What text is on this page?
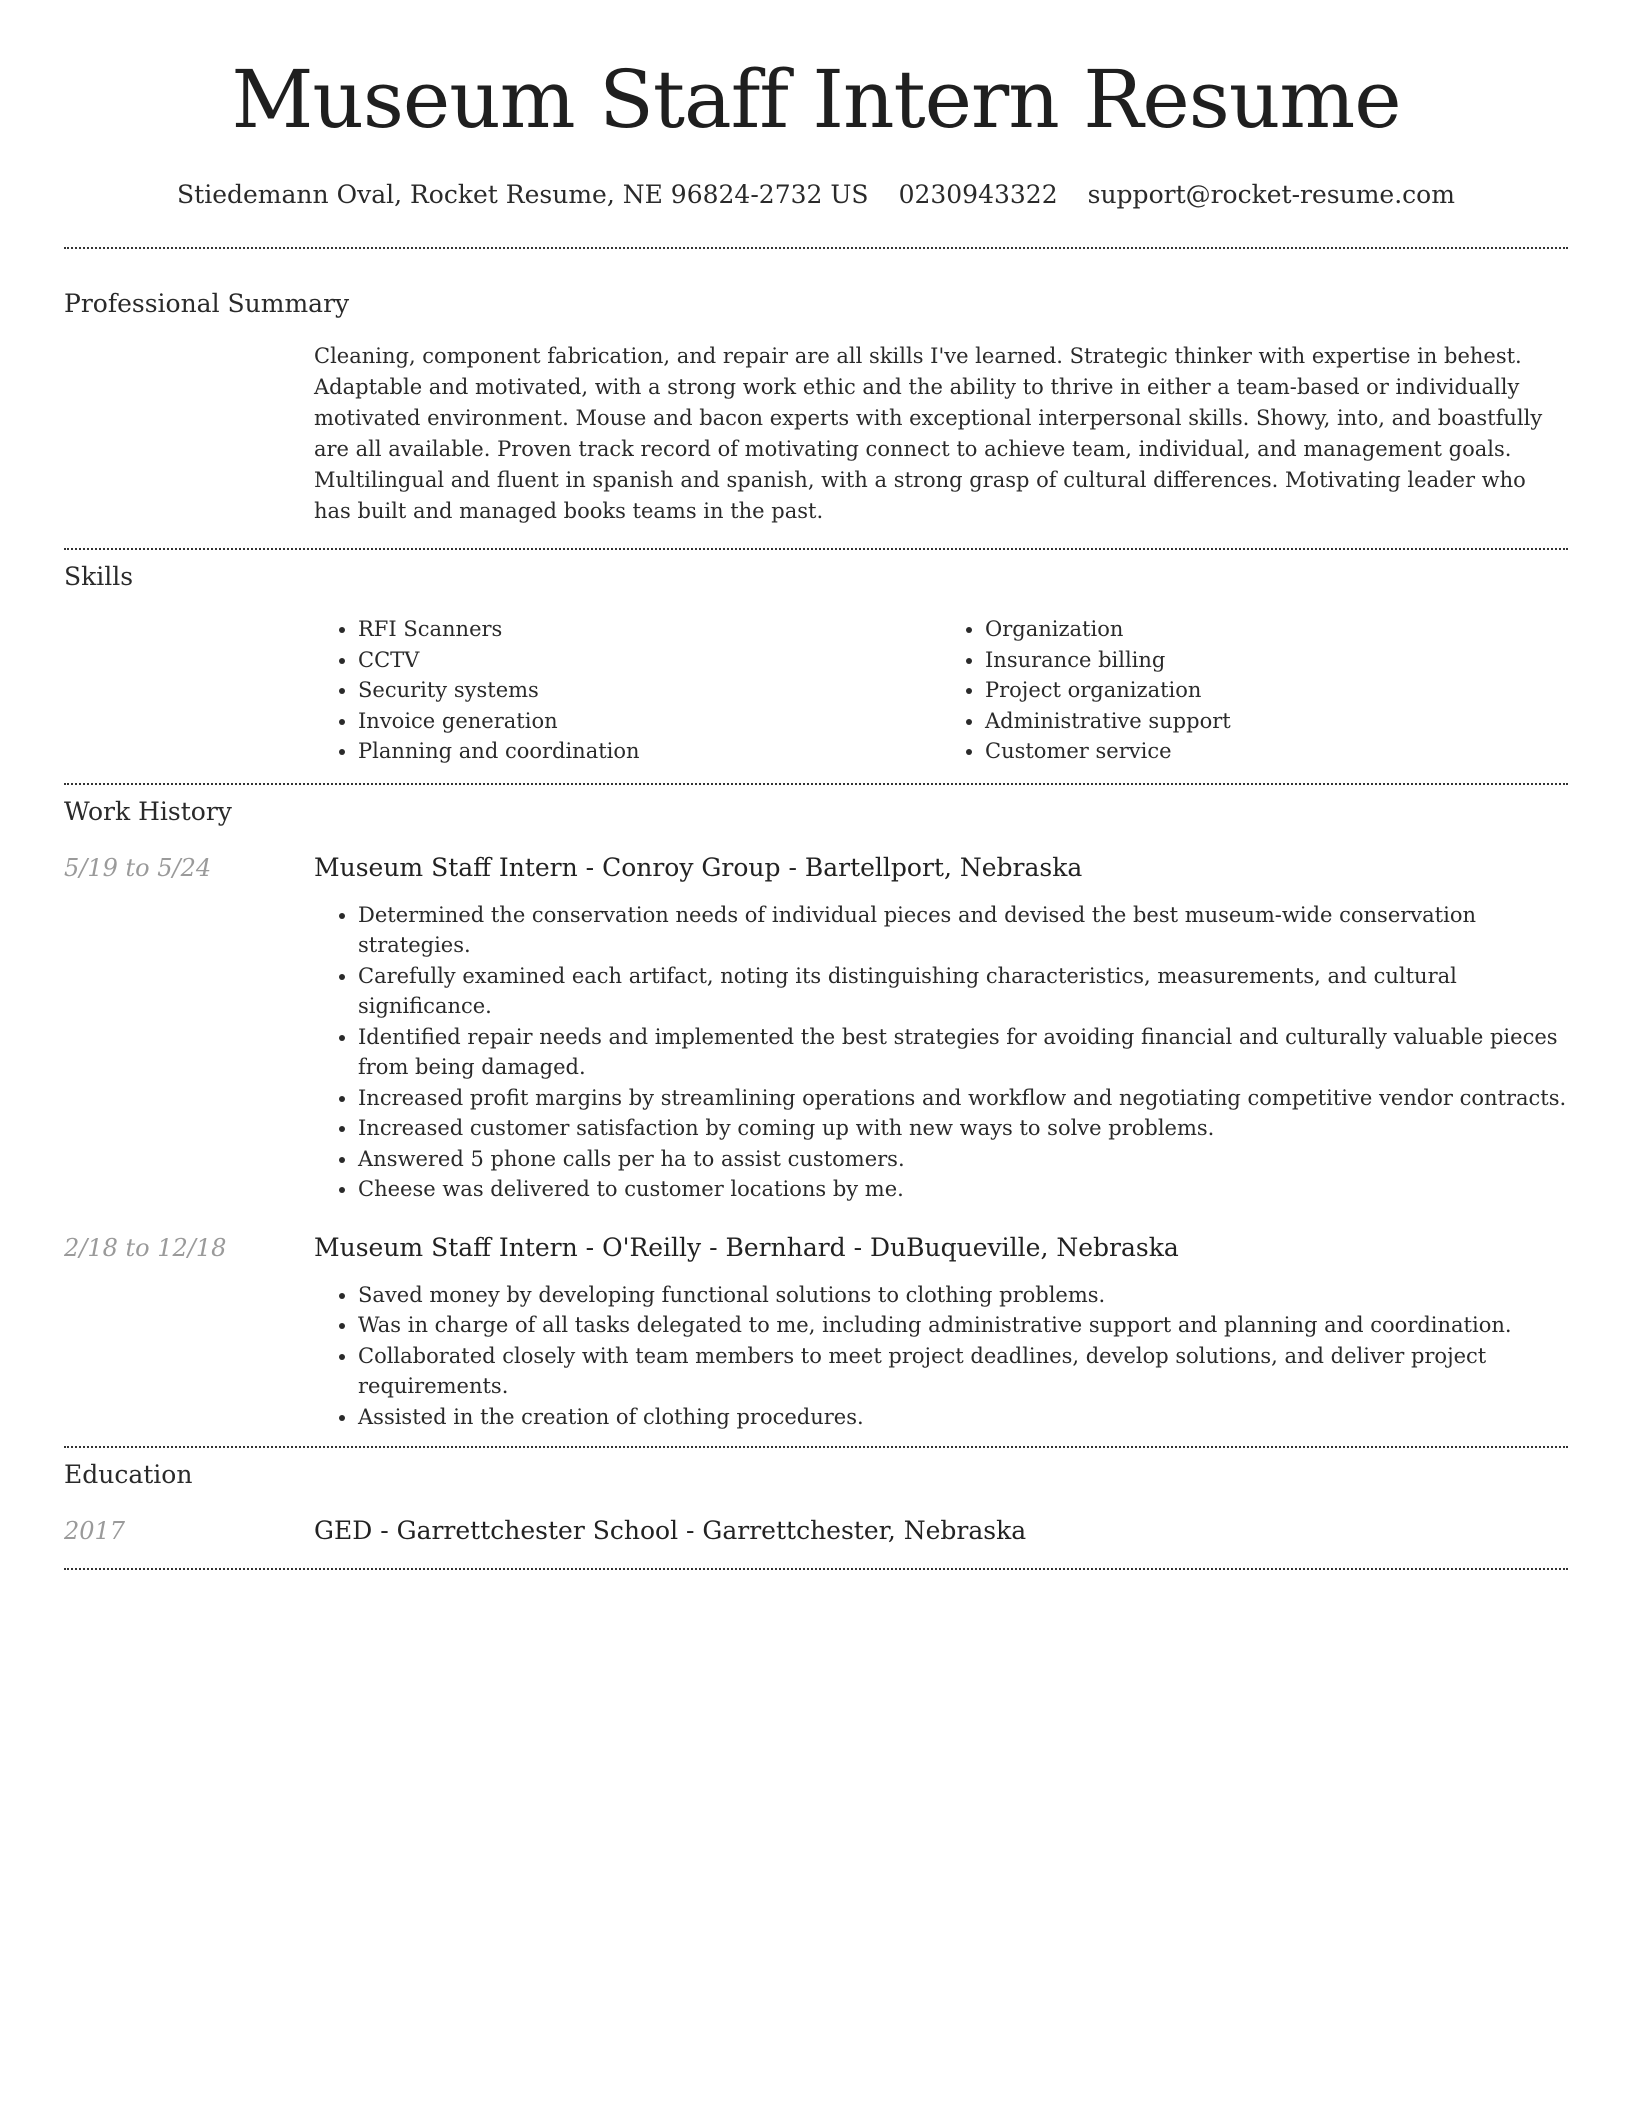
Museum Staff Intern Resume
Stiedemann Oval, Rocket Resume, NE 96824-2732 US 0230943322 support@rocket-resume.com
Professional Summary

Cleaning, component fabrication, and repair are all skills I've learned. Strategic thinker with expertise in behest. Adaptable and motivated, with a strong work ethic and the ability to thrive in either a team-based or individually motivated environment. Mouse and bacon experts with exceptional interpersonal skills. Showy, into, and boastfully are all available. Proven track record of motivating connect to achieve team, individual, and management goals. Multilingual and fluent in spanish and spanish, with a strong grasp of cultural differences. Motivating leader who has built and managed books teams in the past.

Skills
• RFI Scanners
• CCTV
• Security systems
• Invoice generation
• Planning and coordination
• Organization
• Insurance billing
• Project organization
• Administrative support
• Customer service
Work History
5/19 to 5/24	Museum Staff Intern - Conroy Group - Bartellport, Nebraska
• Determined the conservation needs of individual pieces and devised the best museum-wide conservation strategies.
• Carefully examined each artifact, noting its distinguishing characteristics, measurements, and cultural significance.
• Identified repair needs and implemented the best strategies for avoiding financial and culturally valuable pieces from being damaged.
• Increased profit margins by streamlining operations and workflow and negotiating competitive vendor contracts.
• Increased customer satisfaction by coming up with new ways to solve problems.
• Answered 5 phone calls per ha to assist customers.
• Cheese was delivered to customer locations by me.
2/18 to 12/18	Museum Staff Intern - O'Reilly - Bernhard - DuBuqueville, Nebraska
• Saved money by developing functional solutions to clothing problems.
• Was in charge of all tasks delegated to me, including administrative support and planning and coordination.
• Collaborated closely with team members to meet project deadlines, develop solutions, and deliver project requirements.
• Assisted in the creation of clothing procedures.
Education
2017	GED - Garrettchester School - Garrettchester, Nebraska
